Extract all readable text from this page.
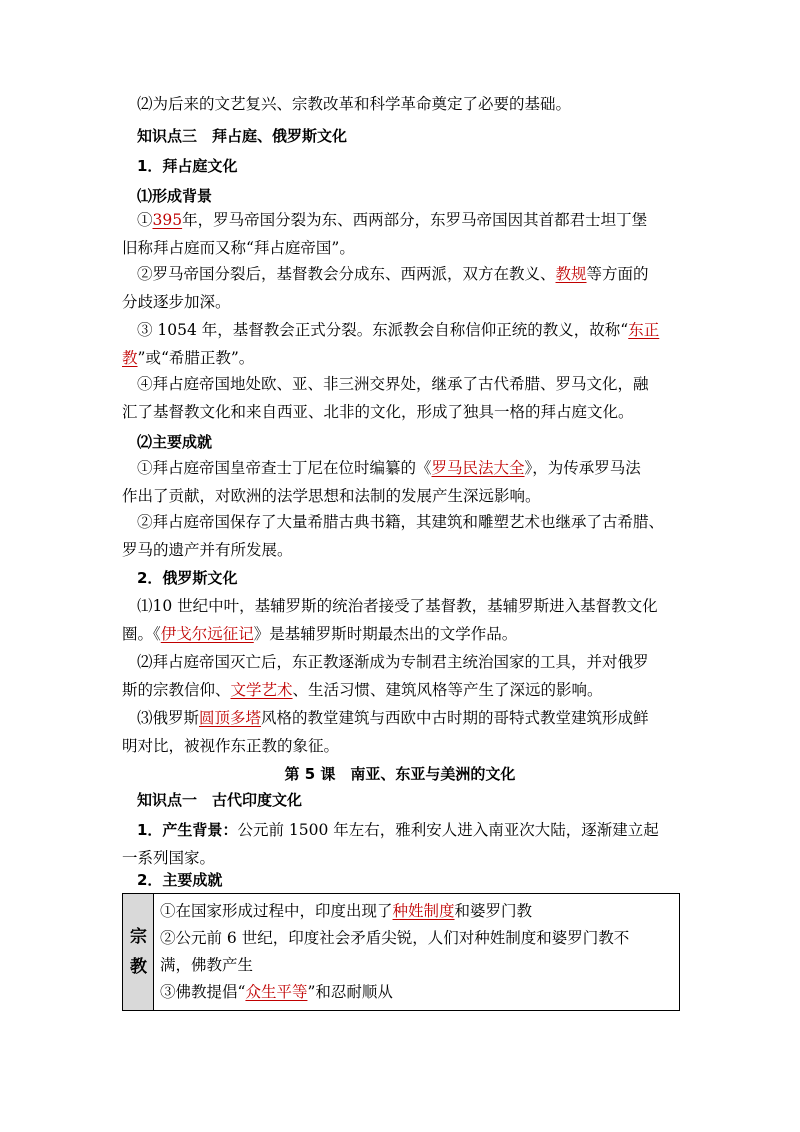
⑵为后来的文艺复兴、宗教改革和科学革命奠定了必要的基础。
知识点三　拜占庭、俄罗斯文化
1．拜占庭文化
⑴形成背景
①395年，罗马帝国分裂为东、西两部分，东罗马帝国因其首都君士坦丁堡
旧称拜占庭而又称“拜占庭帝国”。
②罗马帝国分裂后，基督教会分成东、西两派，双方在教义、教规等方面的
分歧逐步加深。
③ 1054 年，基督教会正式分裂。东派教会自称信仰正统的教义，故称“东正
教”或“希腊正教”。
④拜占庭帝国地处欧、亚、非三洲交界处，继承了古代希腊、罗马文化，融
汇了基督教文化和来自西亚、北非的文化，形成了独具一格的拜占庭文化。
⑵主要成就
①拜占庭帝国皇帝查士丁尼在位时编纂的《罗马民法大全》，为传承罗马法
作出了贡献，对欧洲的法学思想和法制的发展产生深远影响。
②拜占庭帝国保存了大量希腊古典书籍，其建筑和雕塑艺术也继承了古希腊、
罗马的遗产并有所发展。
2．俄罗斯文化
⑴10 世纪中叶，基辅罗斯的统治者接受了基督教，基辅罗斯进入基督教文化
圈。《伊戈尔远征记》是基辅罗斯时期最杰出的文学作品。
⑵拜占庭帝国灭亡后，东正教逐渐成为专制君主统治国家的工具，并对俄罗
斯的宗教信仰、文学艺术、生活习惯、建筑风格等产生了深远的影响。
⑶俄罗斯圆顶多塔风格的教堂建筑与西欧中古时期的哥特式教堂建筑形成鲜
明对比，被视作东正教的象征。
第 5 课　南亚、东亚与美洲的文化
知识点一　古代印度文化
1．产生背景：公元前 1500 年左右，雅利安人进入南亚次大陆，逐渐建立起
一系列国家。
2．主要成就
宗教

①在国家形成过程中，印度出现了种姓制度和婆罗门教
②公元前 6 世纪，印度社会矛盾尖锐，人们对种姓制度和婆罗门教不
满，佛教产生
③佛教提倡“众生平等”和忍耐顺从
